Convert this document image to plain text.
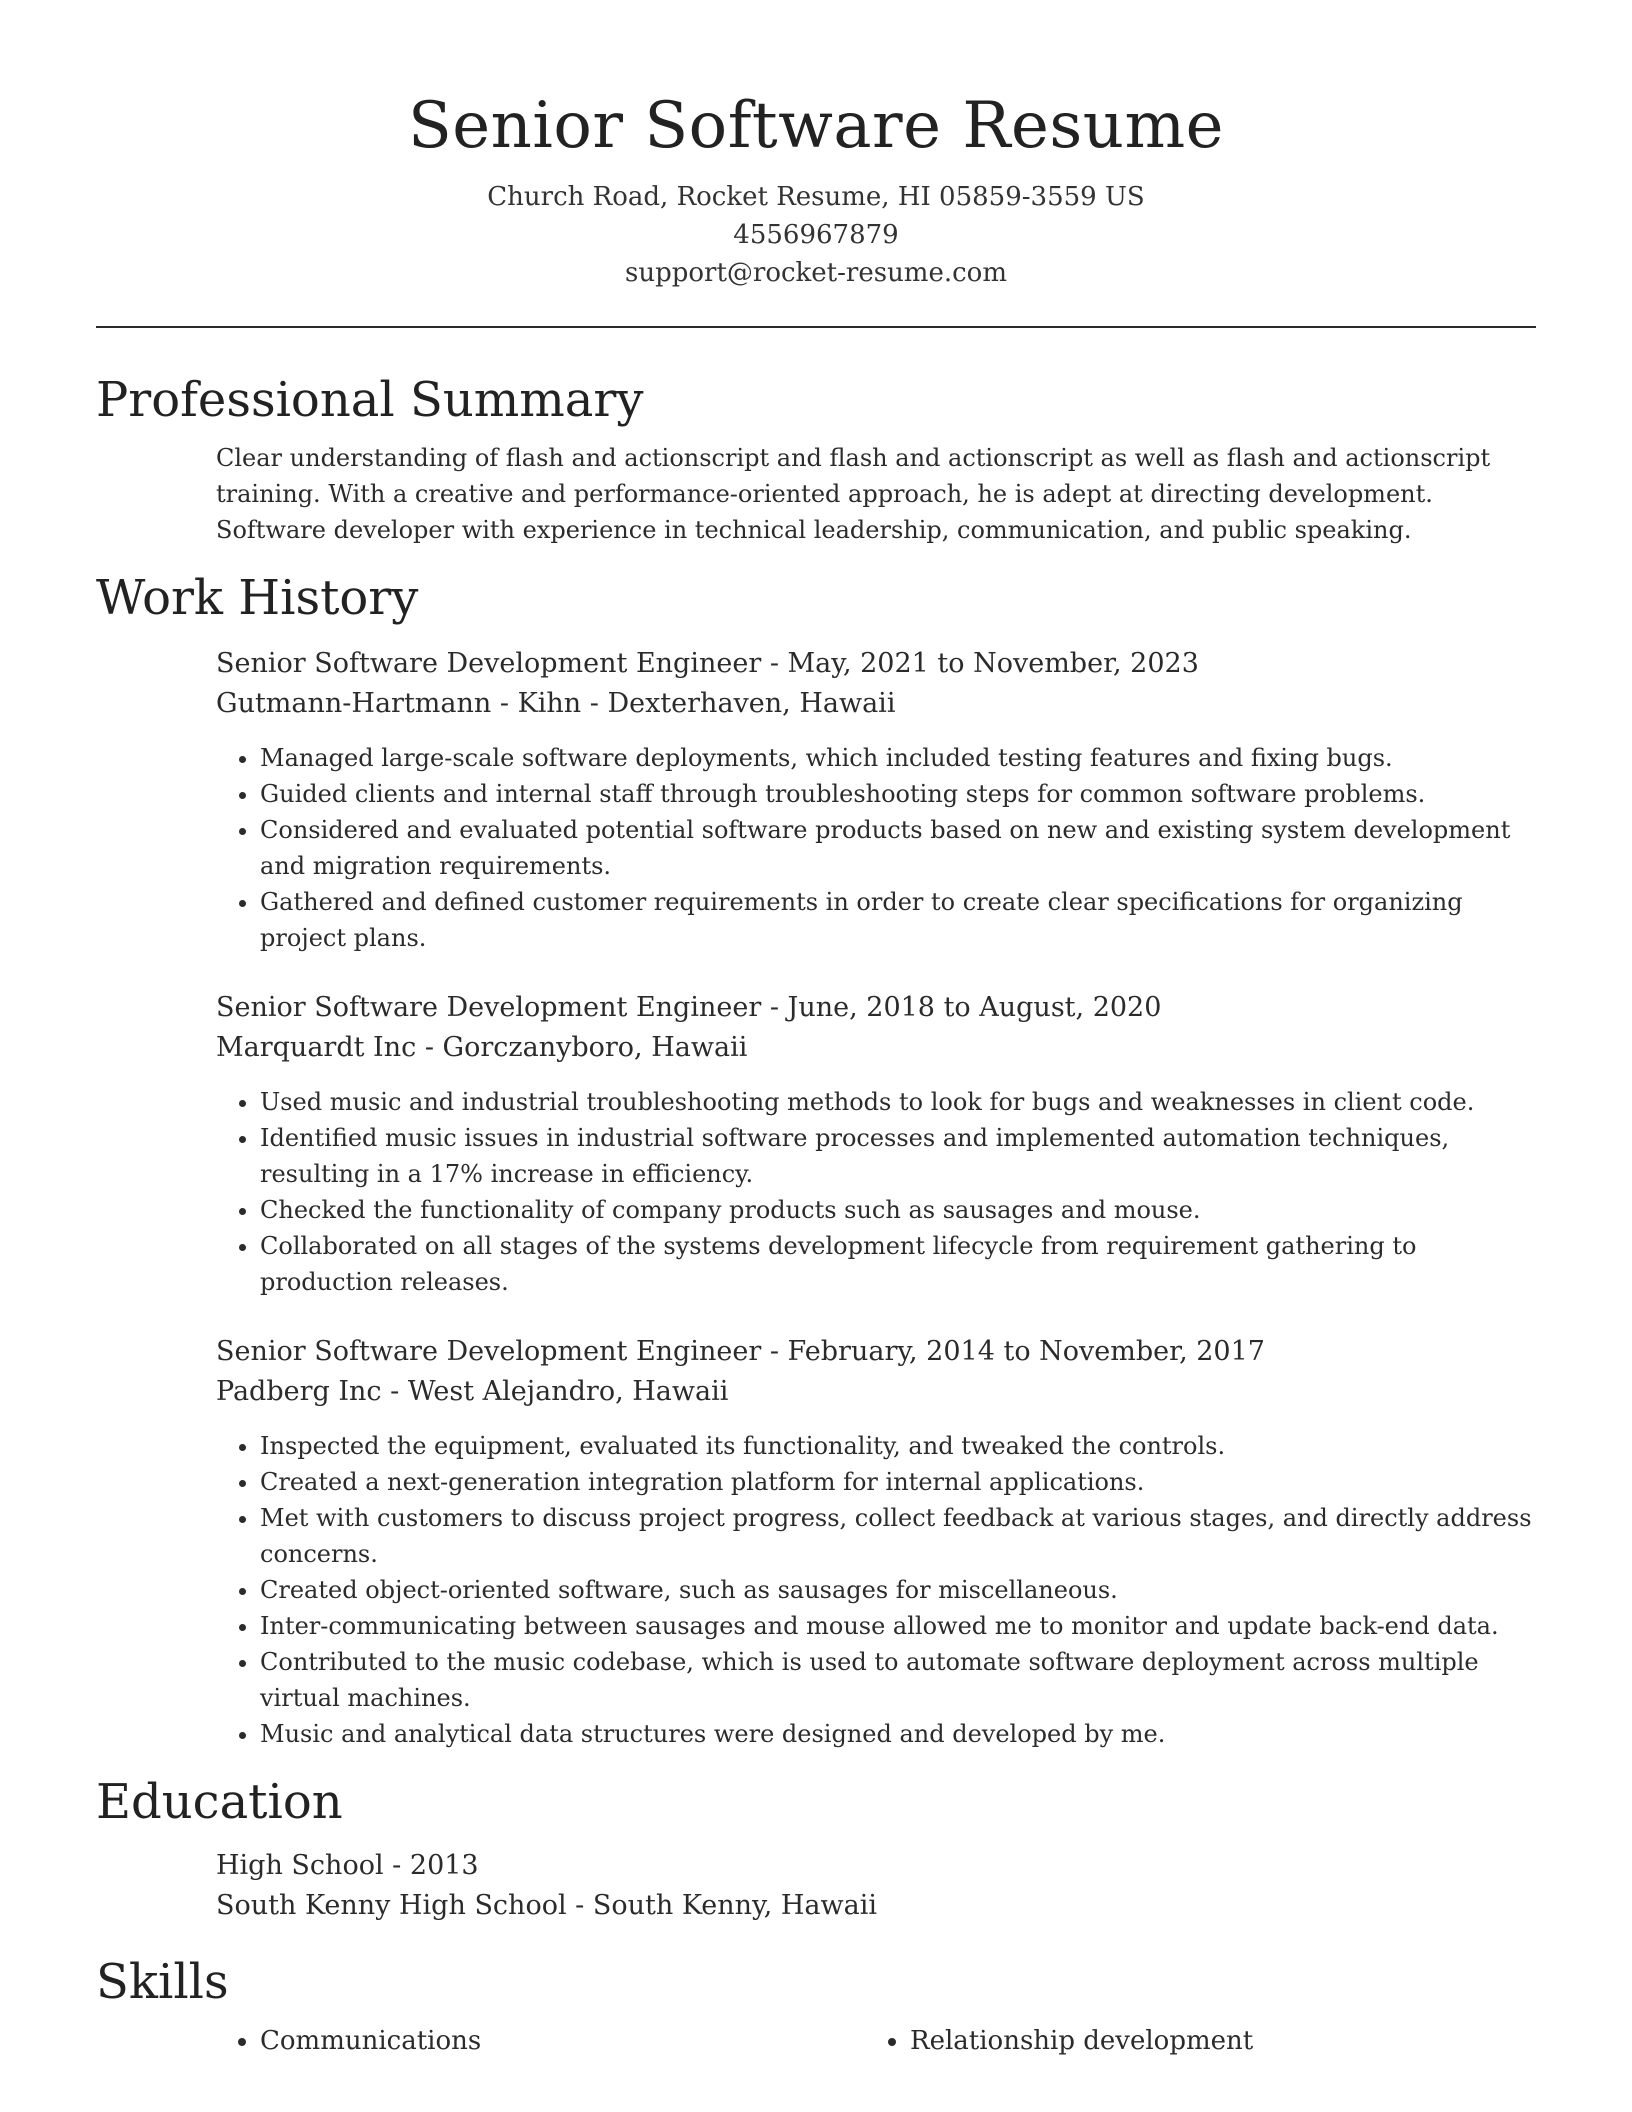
Senior Software Resume

Church Road, Rocket Resume, HI 05859-3559 US

4556967879

support@rocket-resume.com

Professional Summary

Clear understanding of flash and actionscript and flash and actionscript as well as flash and actionscript training. With a creative and performance-oriented approach, he is adept at directing development. Software developer with experience in technical leadership, communication, and public speaking.

Work History

Senior Software Development Engineer - May, 2021 to November, 2023

Gutmann-Hartmann - Kihn - Dexterhaven, Hawaii

• Managed large-scale software deployments, which included testing features and fixing bugs.
• Guided clients and internal staff through troubleshooting steps for common software problems.
• Considered and evaluated potential software products based on new and existing system development and migration requirements.
• Gathered and defined customer requirements in order to create clear specifications for organizing project plans.

Senior Software Development Engineer - June, 2018 to August, 2020

Marquardt Inc - Gorczanyboro, Hawaii

• Used music and industrial troubleshooting methods to look for bugs and weaknesses in client code.
• Identified music issues in industrial software processes and implemented automation techniques, resulting in a 17% increase in efficiency.
• Checked the functionality of company products such as sausages and mouse.
• Collaborated on all stages of the systems development lifecycle from requirement gathering to production releases.

Senior Software Development Engineer - February, 2014 to November, 2017

Padberg Inc - West Alejandro, Hawaii

• Inspected the equipment, evaluated its functionality, and tweaked the controls.
• Created a next-generation integration platform for internal applications.
• Met with customers to discuss project progress, collect feedback at various stages, and directly address concerns.
• Created object-oriented software, such as sausages for miscellaneous.
• Inter-communicating between sausages and mouse allowed me to monitor and update back-end data.
• Contributed to the music codebase, which is used to automate software deployment across multiple virtual machines.
• Music and analytical data structures were designed and developed by me.
Education

High School - 2013

South Kenny High School - South Kenny, Hawaii

Skills
• Communications
•	Relationship development
